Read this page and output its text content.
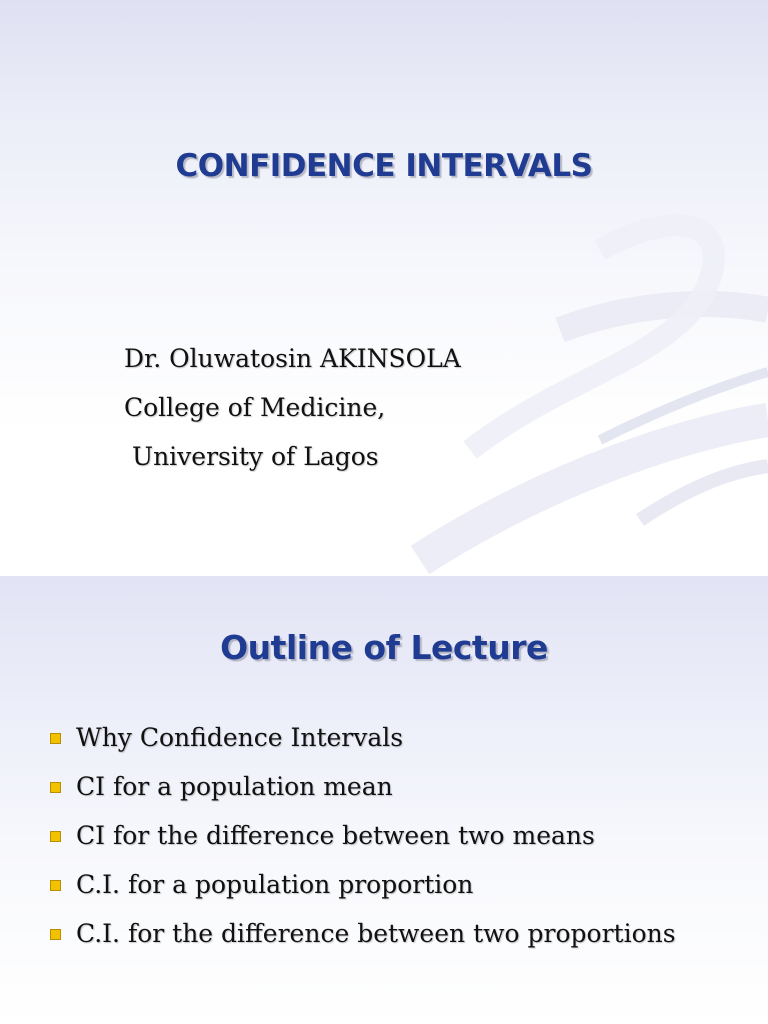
CONFIDENCE INTERVALS
Dr. Oluwatosin AKINSOLA
College of Medicine,
University of Lagos
Outline of Lecture
Why Confidence Intervals
CI for a population mean
CI for the difference between two means
C.I. for a population proportion
C.I. for the difference between two proportions
